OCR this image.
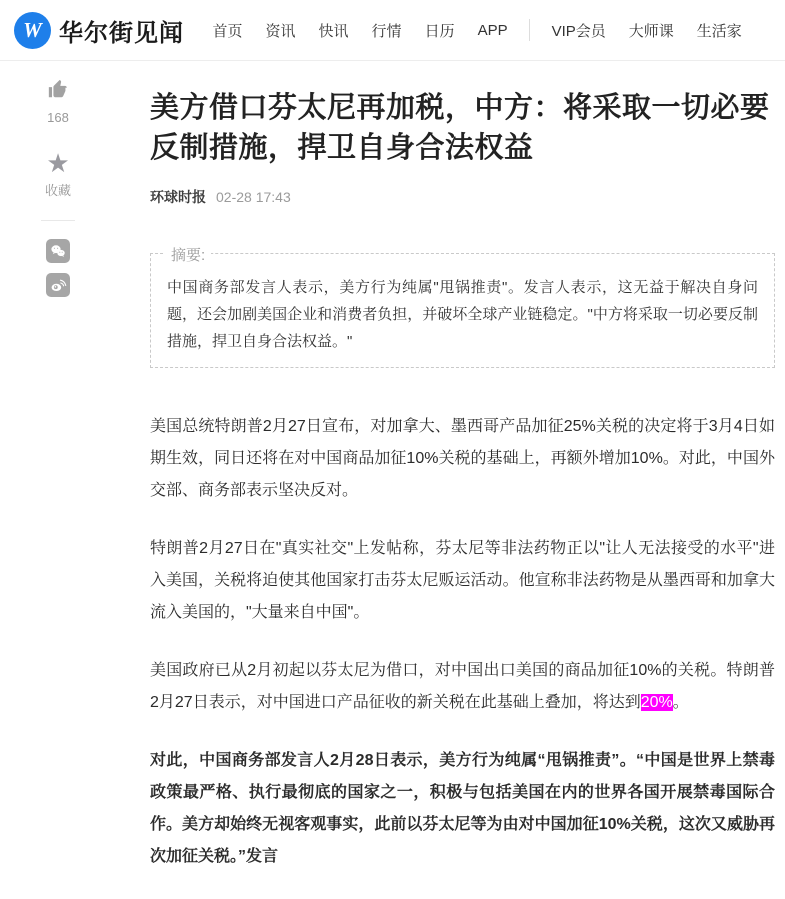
W 华尔街见闻	首页	资讯	快讯	行情	日历	APP	VIP会员	大师课	生活家
168
★
收藏
美方借口芬太尼再加税，中方：将采取一切必要反制措施，捍卫自身合法权益
环球时报 02-28 17:43
摘要:
中国商务部发言人表示，美方行为纯属"甩锅推责"。发言人表示，这无益于解决自身问题，还会加剧美国企业和消费者负担，并破坏全球产业链稳定。"中方将采取一切必要反制措施，捍卫自身合法权益。"

美国总统特朗普2月27日宣布，对加拿大、墨西哥产品加征25%关税的决定将于3月4日如期生效，同日还将在对中国商品加征10%关税的基础上，再额外增加10%。对此，中国外交部、商务部表示坚决反对。

特朗普2月27日在"真实社交"上发帖称，芬太尼等非法药物正以"让人无法接受的水平"进入美国，关税将迫使其他国家打击芬太尼贩运活动。他宣称非法药物是从墨西哥和加拿大流入美国的，"大量来自中国"。

美国政府已从2月初起以芬太尼为借口，对中国出口美国的商品加征10%的关税。特朗普2月27日表示，对中国进口产品征收的新关税在此基础上叠加，将达到20%。

对此，中国商务部发言人2月28日表示，美方行为纯属“甩锅推责”。“中国是世界上禁毒政策最严格、执行最彻底的国家之一，积极与包括美国在内的世界各国开展禁毒国际合作。美方却始终无视客观事实，此前以芬太尼等为由对中国加征10%关税，这次又威胁再次加征关税。”发言
